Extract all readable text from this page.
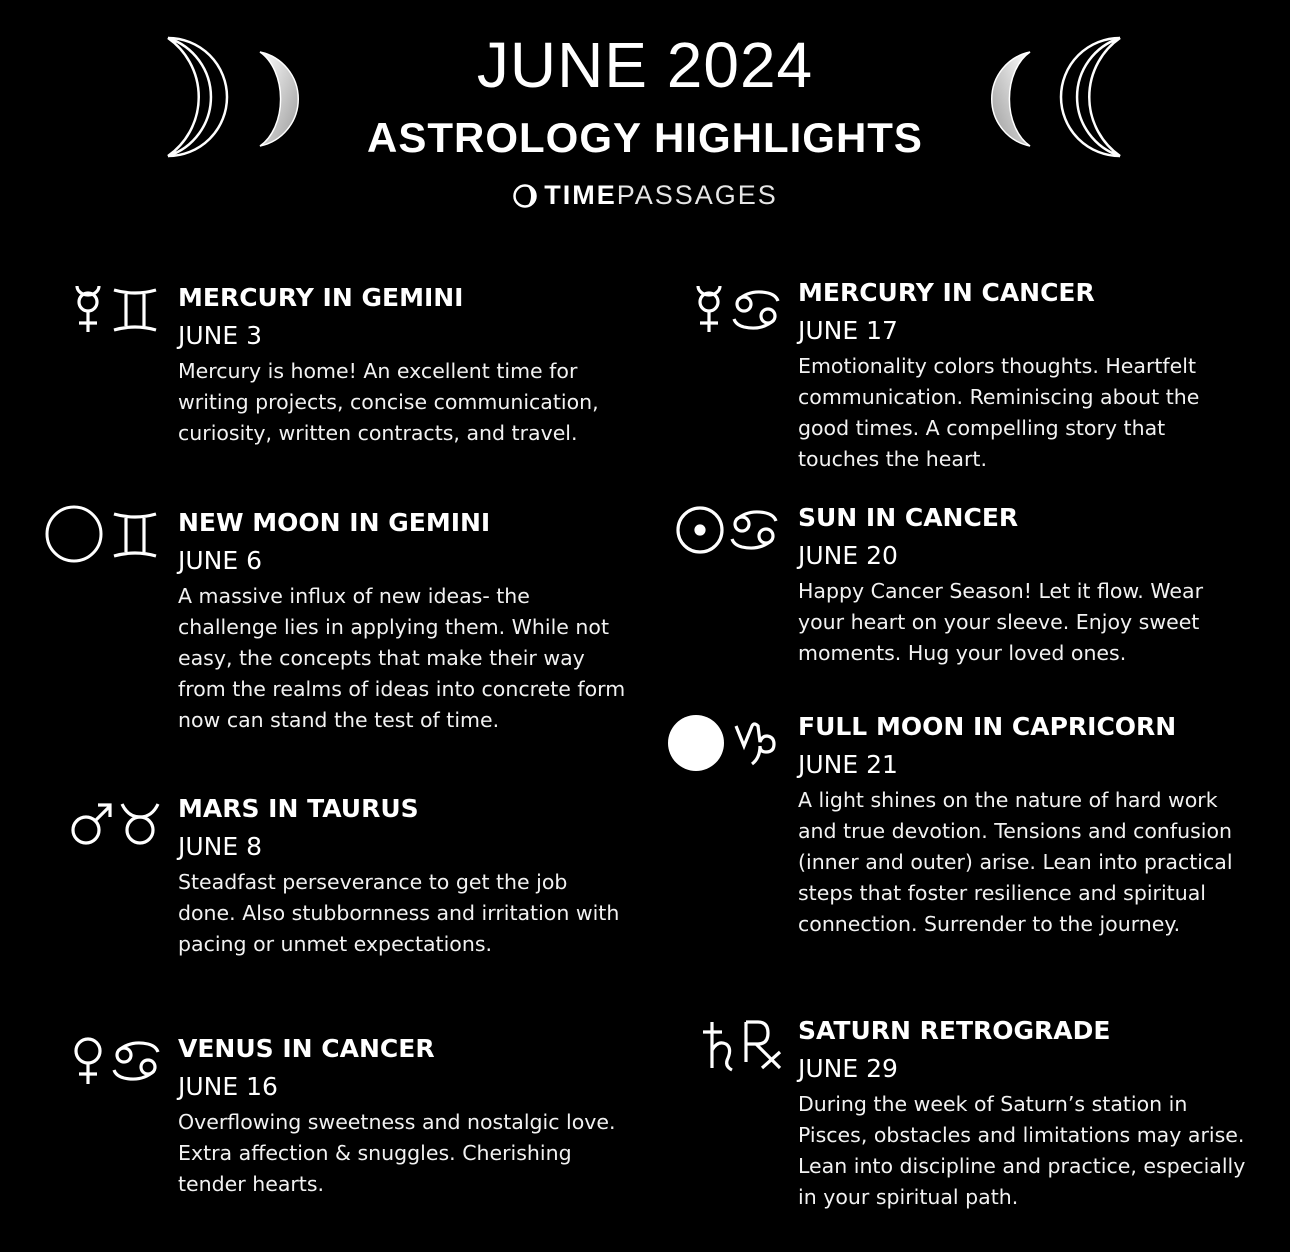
JUNE 2024
ASTROLOGY HIGHLIGHTS
TIME PASSAGES
MERCURY IN GEMINI
JUNE 3
Mercury is home! An excellent time for writing projects, concise communication, curiosity, written contracts, and travel.
NEW MOON IN GEMINI
JUNE 6
A massive influx of new ideas- the challenge lies in applying them. While not easy, the concepts that make their way from the realms of ideas into concrete form now can stand the test of time.
MARS IN TAURUS
JUNE 8
Steadfast perseverance to get the job done. Also stubbornness and irritation with pacing or unmet expectations.
VENUS IN CANCER
JUNE 16
Overflowing sweetness and nostalgic love. Extra affection & snuggles. Cherishing tender hearts.
MERCURY IN CANCER
JUNE 17
Emotionality colors thoughts. Heartfelt communication. Reminiscing about the good times. A compelling story that touches the heart.
SUN IN CANCER
JUNE 20
Happy Cancer Season! Let it flow. Wear your heart on your sleeve. Enjoy sweet moments. Hug your loved ones.
FULL MOON IN CAPRICORN
JUNE 21
A light shines on the nature of hard work and true devotion. Tensions and confusion (inner and outer) arise. Lean into practical steps that foster resilience and spiritual connection. Surrender to the journey.
SATURN RETROGRADE
JUNE 29
During the week of Saturn’s station in Pisces, obstacles and limitations may arise. Lean into discipline and practice, especially in your spiritual path.
